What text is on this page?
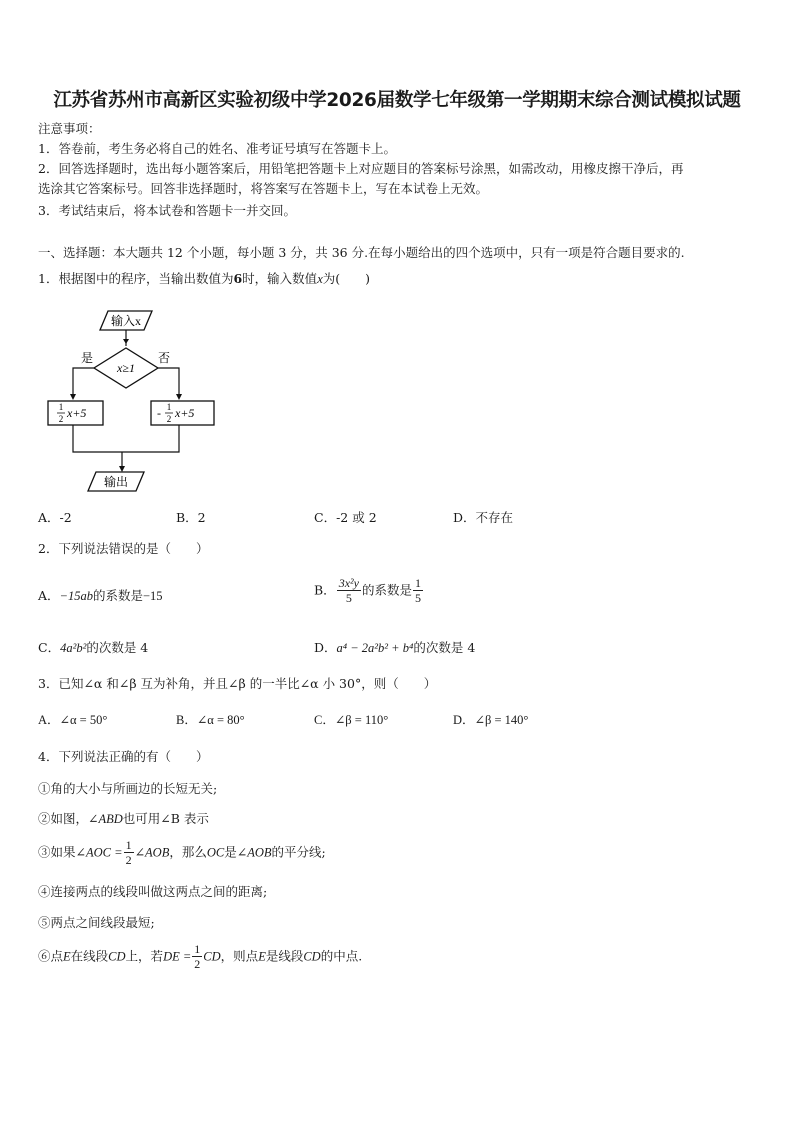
江苏省苏州市高新区实验初级中学2026届数学七年级第一学期期末综合测试模拟试题
注意事项：
1．答卷前，考生务必将自己的姓名、准考证号填写在答题卡上。
2．回答选择题时，选出每小题答案后，用铅笔把答题卡上对应题目的答案标号涂黑，如需改动，用橡皮擦干净后，再
选涂其它答案标号。回答非选择题时，将答案写在答题卡上，写在本试卷上无效。
3．考试结束后，将本试卷和答题卡一并交回。
一、选择题：本大题共 12 个小题，每小题 3 分，共 36 分.在每小题给出的四个选项中，只有一项是符合题目要求的.
1．根据图中的程序，当输出数值为6时，输入数值x为(　　)
输入x
x≥1
是	否
1
2 x+5	- 1
2 x+5
输出
A．-2	B．2	C．-2 或 2	D．不存在
2．下列说法错误的是（　　）
A．−15ab的系数是−15	B． $\frac{\text{3x²y}}{5}$ 的系数是 $\frac{1}{5}$
C．4a²b²的次数是 4	D．a⁴ − 2a²b² + b⁴的次数是 4
3．已知∠α 和∠β 互为补角，并且∠β 的一半比∠α 小 30°，则（　　）
A．∠α = 50°	B．∠α = 80°	C．∠β = 110°	D．∠β = 140°
4．下列说法正确的有（　　）
①角的大小与所画边的长短无关;
②如图，∠ABD也可用∠B 表示
③如果∠AOC = $\frac{1}{2}$ ∠AOB，那么OC是∠AOB的平分线;
④连接两点的线段叫做这两点之间的距离;
⑤两点之间线段最短;
⑥点E在线段CD上，若DE = $\frac{1}{2}$ CD，则点E是线段CD的中点.
